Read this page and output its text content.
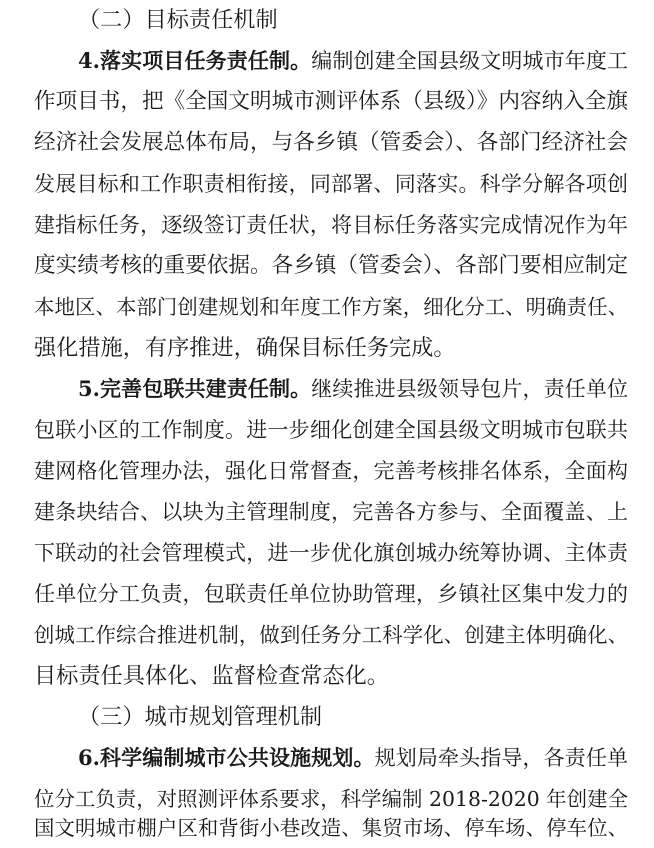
（二）目标责任机制
4.落实项目任务责任制。编制创建全国县级文明城市年度工
作项目书，把《全国文明城市测评体系（县级）》内容纳入全旗
经济社会发展总体布局，与各乡镇（管委会）、各部门经济社会
发展目标和工作职责相衔接，同部署、同落实。科学分解各项创
建指标任务，逐级签订责任状，将目标任务落实完成情况作为年
度实绩考核的重要依据。各乡镇（管委会）、各部门要相应制定
本地区、本部门创建规划和年度工作方案，细化分工、明确责任、
强化措施，有序推进，确保目标任务完成。
5.完善包联共建责任制。继续推进县级领导包片，责任单位
包联小区的工作制度。进一步细化创建全国县级文明城市包联共
建网格化管理办法，强化日常督查，完善考核排名体系，全面构
建条块结合、以块为主管理制度，完善各方参与、全面覆盖、上
下联动的社会管理模式，进一步优化旗创城办统筹协调、主体责
任单位分工负责，包联责任单位协助管理，乡镇社区集中发力的
创城工作综合推进机制，做到任务分工科学化、创建主体明确化、
目标责任具体化、监督检查常态化。
（三）城市规划管理机制
6.科学编制城市公共设施规划。规划局牵头指导，各责任单
位分工负责，对照测评体系要求，科学编制 2018-2020 年创建全
国文明城市棚户区和背街小巷改造、集贸市场、停车场、停车位、
